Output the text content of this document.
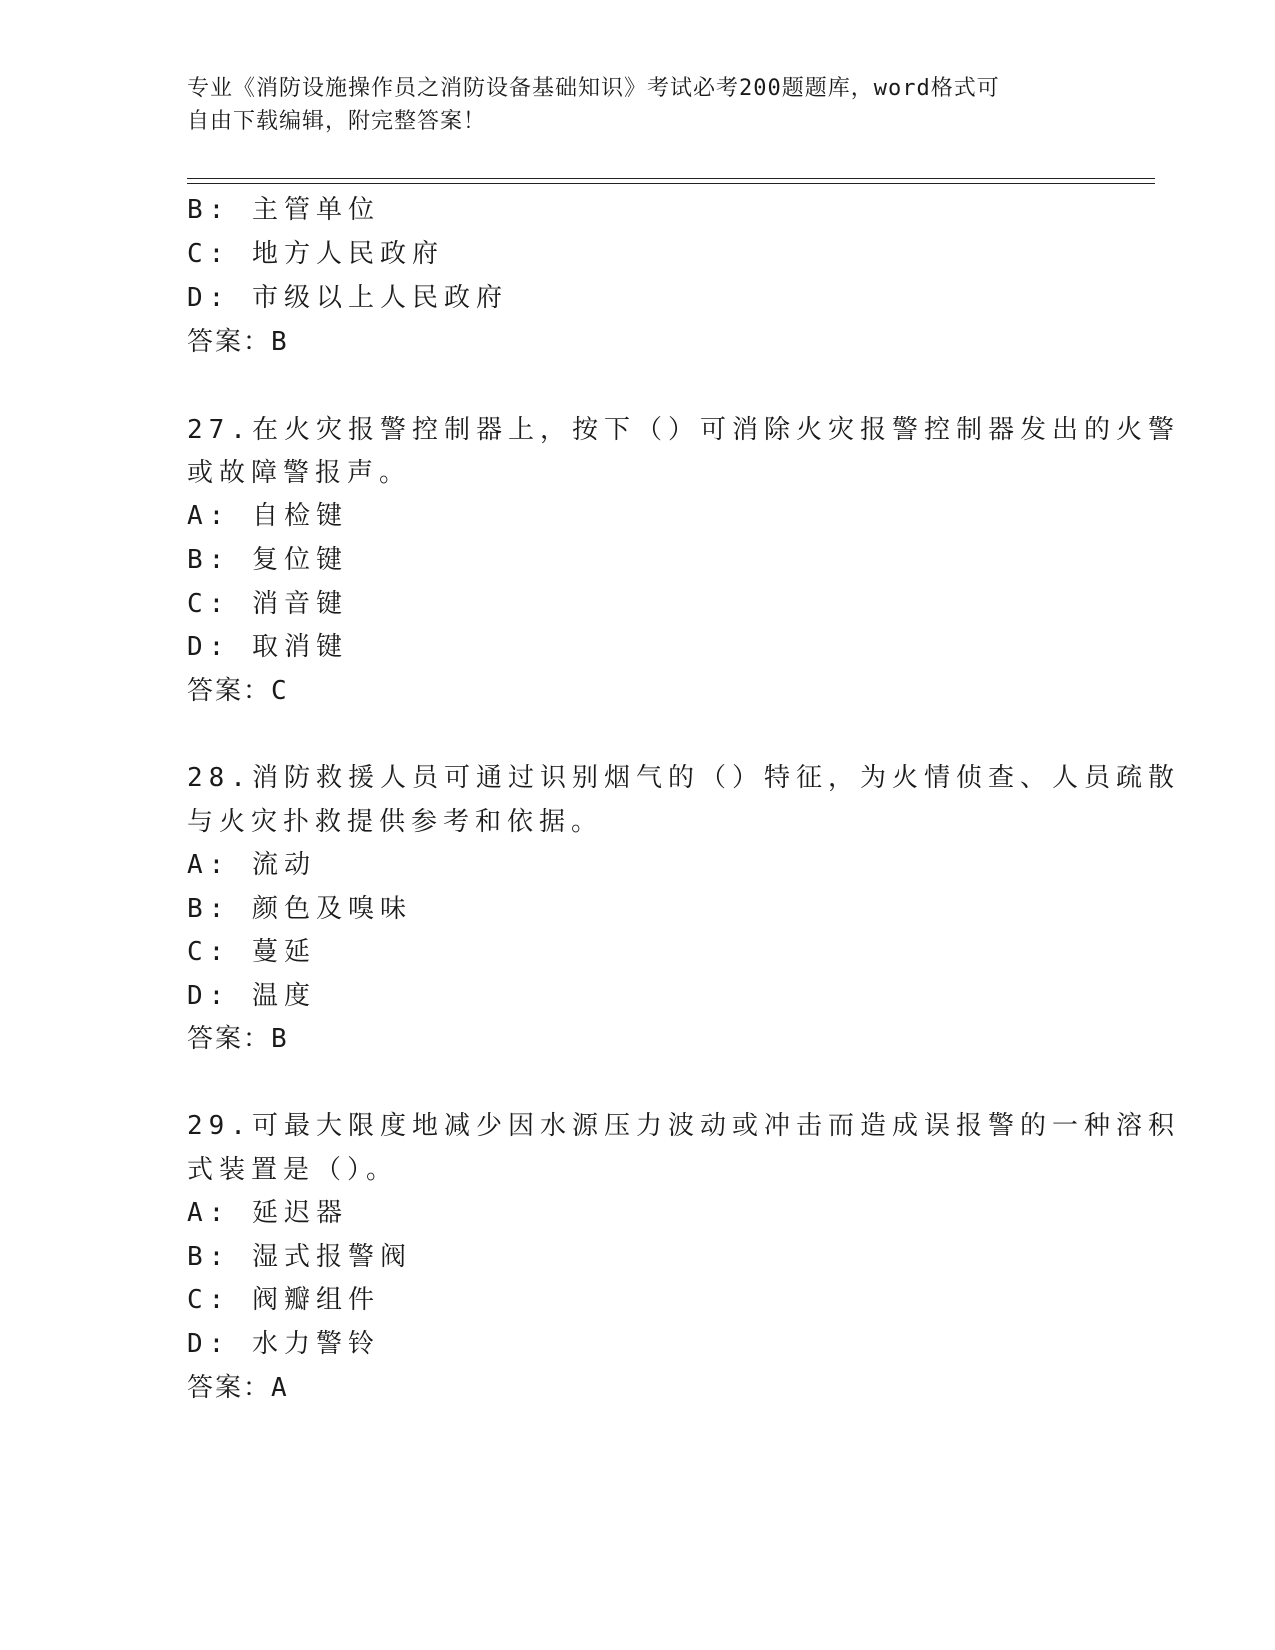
专业《消防设施操作员之消防设备基础知识》考试必考200题题库，word格式可
自由下载编辑，附完整答案！
B: 主管单位
C: 地方人民政府
D: 市级以上人民政府
答案：B
27.在火灾报警控制器上，按下（）可消除火灾报警控制器发出的火警
或故障警报声。
A: 自检键
B: 复位键
C: 消音键
D: 取消键
答案：C
28.消防救援人员可通过识别烟气的（）特征，为火情侦查、人员疏散
与火灾扑救提供参考和依据。
A: 流动
B: 颜色及嗅味
C: 蔓延
D: 温度
答案：B
29.可最大限度地减少因水源压力波动或冲击而造成误报警的一种溶积
式装置是（）。
A: 延迟器
B: 湿式报警阀
C: 阀瓣组件
D: 水力警铃
答案：A
